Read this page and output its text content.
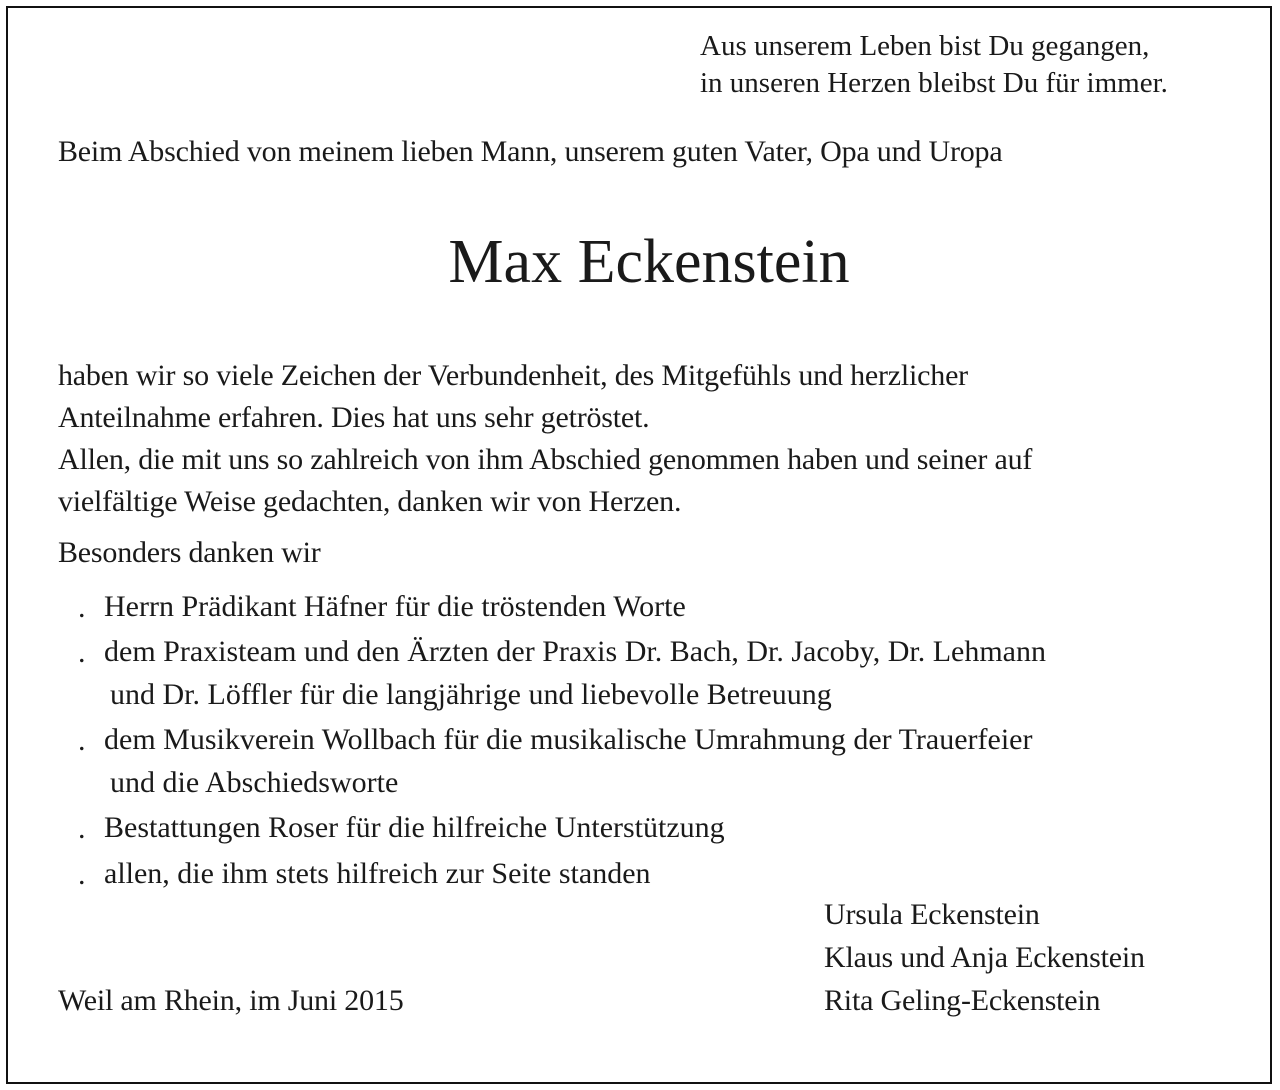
Aus unserem Leben bist Du gegangen,
in unseren Herzen bleibst Du für immer.
Beim Abschied von meinem lieben Mann, unserem guten Vater, Opa und Uropa
Max Eckenstein
haben wir so viele Zeichen der Verbundenheit, des Mitgefühls und herzlicher
Anteilnahme erfahren. Dies hat uns sehr getröstet.
Allen, die mit uns so zahlreich von ihm Abschied genommen haben und seiner auf
vielfältige Weise gedachten, danken wir von Herzen.
Besonders danken wir
. Herrn Prädikant Häfner für die tröstenden Worte
. dem Praxisteam und den Ärzten der Praxis Dr. Bach, Dr. Jacoby, Dr. Lehmann
und Dr. Löffler für die langjährige und liebevolle Betreuung
. dem Musikverein Wollbach für die musikalische Umrahmung der Trauerfeier
und die Abschiedsworte
. Bestattungen Roser für die hilfreiche Unterstützung
. allen, die ihm stets hilfreich zur Seite standen
Ursula Eckenstein
Klaus und Anja Eckenstein
Rita Geling-Eckenstein
Weil am Rhein, im Juni 2015
